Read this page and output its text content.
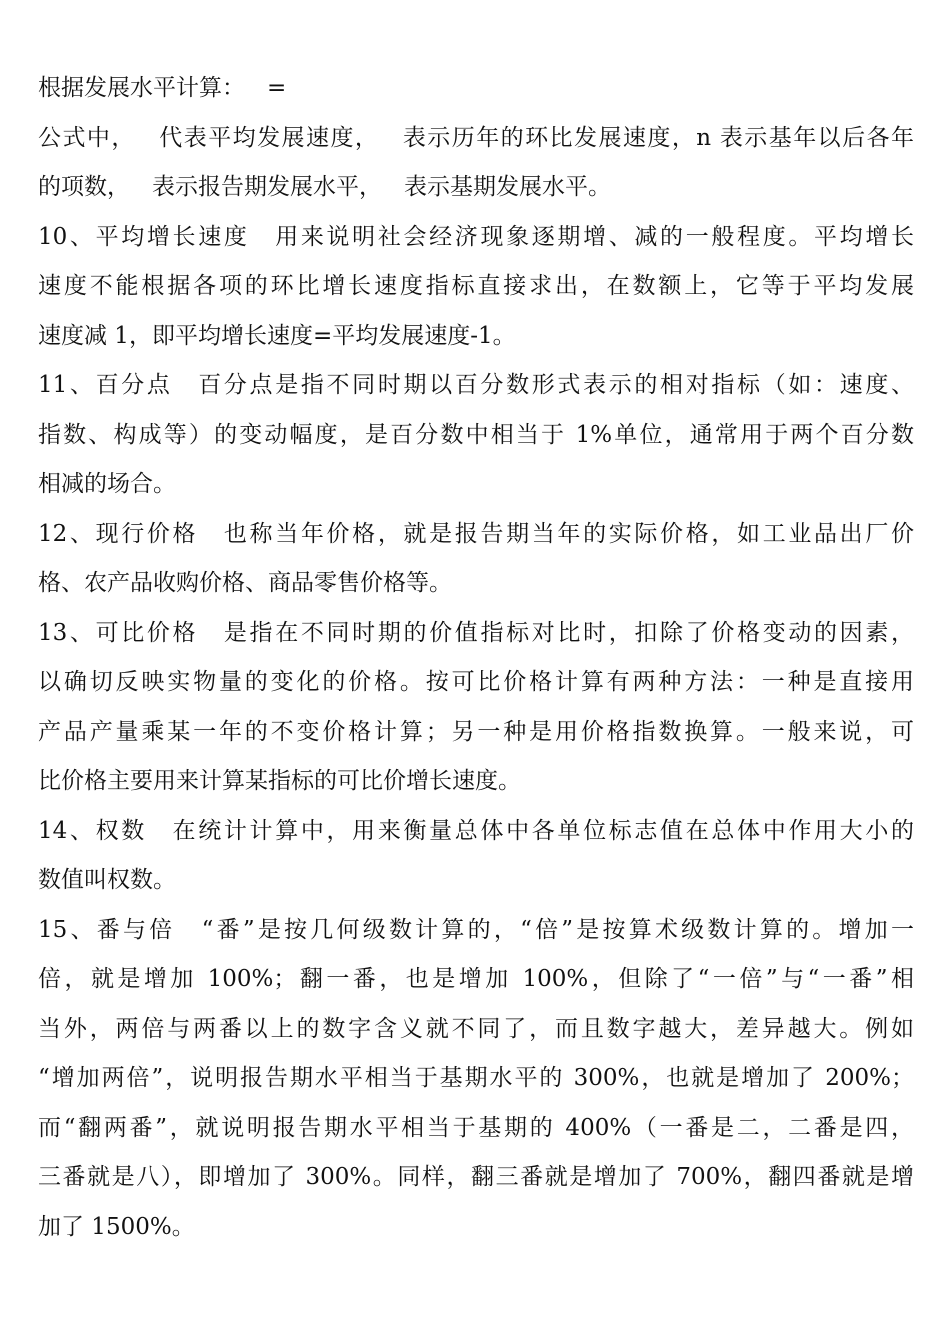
根据发展水平计算： =
公式中， 代表平均发展速度， 表示历年的环比发展速度，n 表示基年以后各年
的项数， 表示报告期发展水平， 表示基期发展水平。
10、平均增长速度　用来说明社会经济现象逐期增、减的一般程度。平均增长
速度不能根据各项的环比增长速度指标直接求出，在数额上，它等于平均发展
速度减 1，即平均增长速度=平均发展速度-1。
11、百分点　百分点是指不同时期以百分数形式表示的相对指标（如：速度、
指数、构成等）的变动幅度，是百分数中相当于 1%单位，通常用于两个百分数
相减的场合。
12、现行价格　也称当年价格，就是报告期当年的实际价格，如工业品出厂价
格、农产品收购价格、商品零售价格等。
13、可比价格　是指在不同时期的价值指标对比时，扣除了价格变动的因素，
以确切反映实物量的变化的价格。按可比价格计算有两种方法：一种是直接用
产品产量乘某一年的不变价格计算；另一种是用价格指数换算。一般来说，可
比价格主要用来计算某指标的可比价增长速度。
14、权数　在统计计算中，用来衡量总体中各单位标志值在总体中作用大小的
数值叫权数。
15、番与倍　“番”是按几何级数计算的，“倍”是按算术级数计算的。增加一
倍，就是增加 100%；翻一番，也是增加 100%，但除了“一倍”与“一番”相
当外，两倍与两番以上的数字含义就不同了，而且数字越大，差异越大。例如
“增加两倍”，说明报告期水平相当于基期水平的 300%，也就是增加了 200%；
而“翻两番”，就说明报告期水平相当于基期的 400%（一番是二，二番是四，
三番就是八），即增加了 300%。同样，翻三番就是增加了 700%，翻四番就是增
加了 1500%。
